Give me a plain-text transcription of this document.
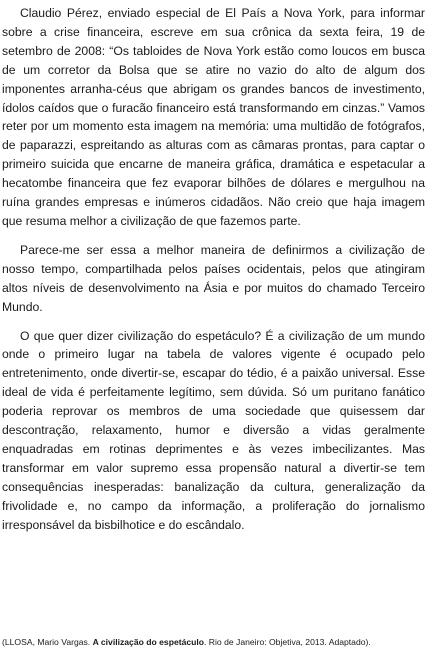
Claudio Pérez, enviado especial de El País a Nova York, para informar sobre a crise financeira, escreve em sua crônica da sexta feira, 19 de setembro de 2008: “Os tabloides de Nova York estão como loucos em busca de um corretor da Bolsa que se atire no vazio do alto de algum dos imponentes arranha-céus que abrigam os grandes bancos de investimento, ídolos caídos que o furacão financeiro está transformando em cinzas.” Vamos reter por um momento esta imagem na memória: uma multidão de fotógrafos, de paparazzi, espreitando as alturas com as câmaras prontas, para captar o primeiro suicida que encarne de maneira gráfica, dramática e espetacular a hecatombe financeira que fez evaporar bilhões de dólares e mergulhou na ruína grandes empresas e inúmeros cidadãos. Não creio que haja imagem que resuma melhor a civilização de que fazemos parte.

Parece-me ser essa a melhor maneira de definirmos a civilização de nosso tempo, compartilhada pelos países ocidentais, pelos que atingiram altos níveis de desenvolvimento na Ásia e por muitos do chamado Terceiro Mundo.

O que quer dizer civilização do espetáculo? É a civilização de um mundo onde o primeiro lugar na tabela de valores vigente é ocupado pelo entretenimento, onde divertir-se, escapar do tédio, é a paixão universal. Esse ideal de vida é perfeitamente legítimo, sem dúvida. Só um puritano fanático poderia reprovar os membros de uma sociedade que quisessem dar descontração, relaxamento, humor e diversão a vidas geralmente enquadradas em rotinas deprimentes e às vezes imbecilizantes. Mas transformar em valor supremo essa propensão natural a divertir-se tem consequências inesperadas: banalização da cultura, generalização da frivolidade e, no campo da informação, a proliferação do jornalismo irresponsável da bisbilhotice e do escândalo.

(LLOSA, Mario Vargas. A civilização do espetáculo. Rio de Janeiro: Objetiva, 2013. Adaptado).
